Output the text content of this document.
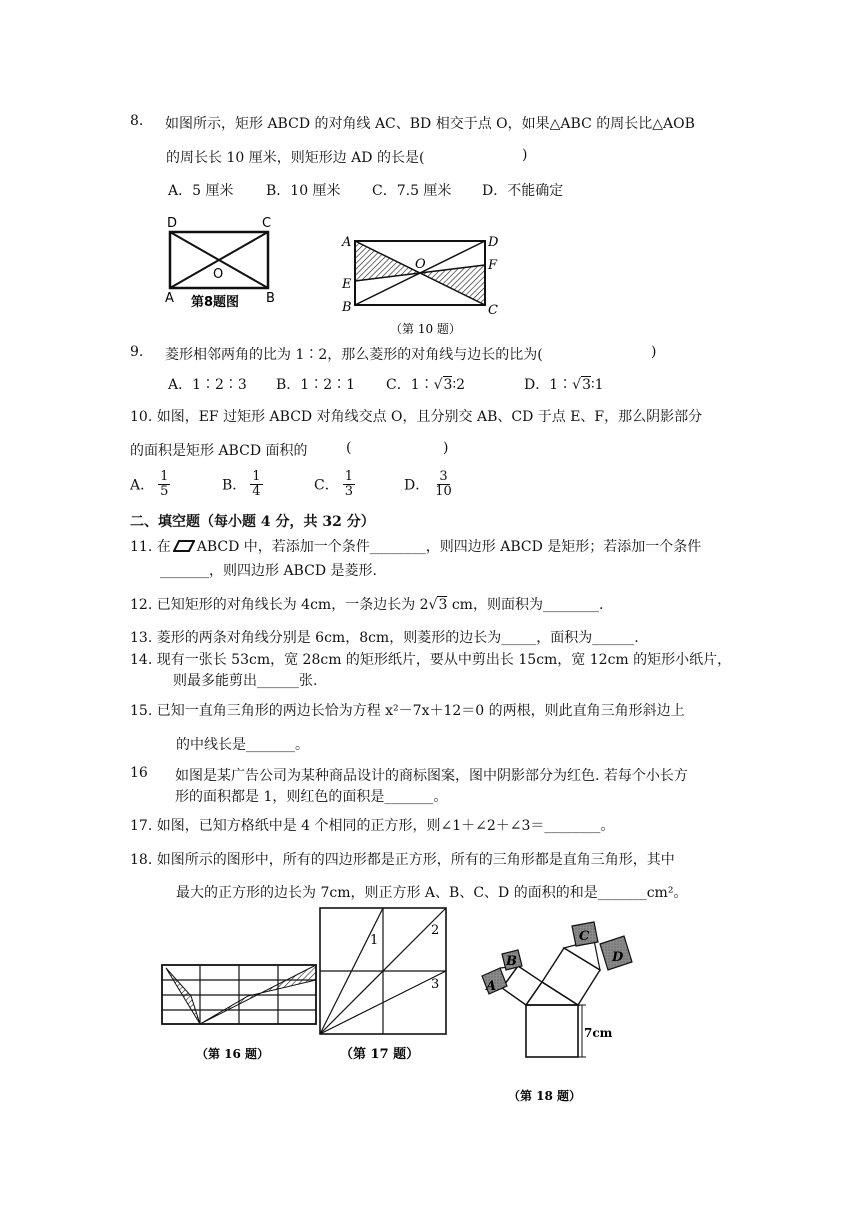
8. 如图所示，矩形 ABCD 的对角线 AC、BD 相交于点 O，如果△ABC 的周长比△AOB
的周长长 10 厘米，则矩形边 AD 的长是(	)
A．5 厘米 B．10 厘米 C．7.5 厘米 D．不能确定
D	C
O
A	B
第8题图
A	D
O	F
E
B	C
（第 10 题）
9. 菱形相邻两角的比为 1∶2，那么菱形的对角线与边长的比为(	)
A．1∶2∶3 B．1∶2∶1 C．1∶√3∶2	D．1∶√3∶1
10. 如图，EF 过矩形 ABCD 对角线交点 O，且分别交 AB、CD 于点 E、F，那么阴影部分
的面积是矩形 ABCD 面积的	(	)
A． $\frac{1}{5}$	B． $\frac{1}{4}$	C． $\frac{1}{3}$	D． $\frac{3}{10}$
二、填空题（每小题 4 分，共 32 分）
11. 在 ABCD 中，若添加一个条件________，则四边形 ABCD 是矩形；若添加一个条件
_______，则四边形 ABCD 是菱形.
12. 已知矩形的对角线长为 4cm，一条边长为 2√3 cm，则面积为________.
13. 菱形的两条对角线分别是 6cm，8cm，则菱形的边长为_____，面积为______.
14. 现有一张长 53cm，宽 28cm 的矩形纸片，要从中剪出长 15cm，宽 12cm 的矩形小纸片，
则最多能剪出______张.
15. 已知一直角三角形的两边长恰为方程 x²－7x＋12＝0 的两根，则此直角三角形斜边上
的中线长是_______。
16 如图是某广告公司为某种商品设计的商标图案，图中阴影部分为红色. 若每个小长方
形的面积都是 1，则红色的面积是_______。
17. 如图，已知方格纸中是 4 个相同的正方形，则∠1＋∠2＋∠3＝________。
18. 如图所示的图形中，所有的四边形都是正方形，所有的三角形都是直角三角形，其中
最大的正方形的边长为 7cm，则正方形 A、B、C、D 的面积的和是_______cm²。
（第 16 题）
1
2
3
（第 17 题）
A
B
C
D
7cm
（第 18 题）
